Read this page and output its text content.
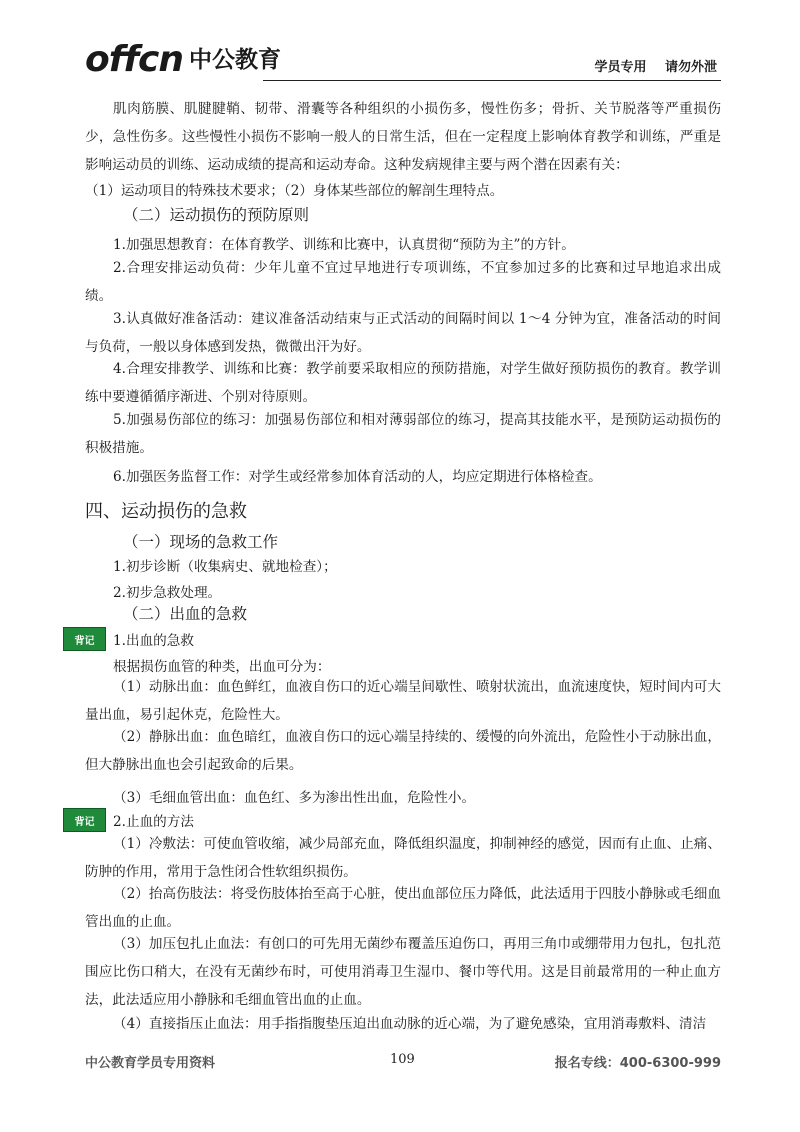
offcn 中公教育	学员专用 请勿外泄
肌肉筋膜、肌腱腱鞘、韧带、滑囊等各种组织的小损伤多，慢性伤多；骨折、关节脱落等严重损伤少，急性伤多。这些慢性小损伤不影响一般人的日常生活，但在一定程度上影响体育教学和训练，严重是影响运动员的训练、运动成绩的提高和运动寿命。这种发病规律主要与两个潜在因素有关：
（1）运动项目的特殊技术要求；（2）身体某些部位的解剖生理特点。
（二）运动损伤的预防原则
1.加强思想教育：在体育教学、训练和比赛中，认真贯彻“预防为主”的方针。
2.合理安排运动负荷：少年儿童不宜过早地进行专项训练，不宜参加过多的比赛和过早地追求出成绩。
3.认真做好准备活动：建议准备活动结束与正式活动的间隔时间以 1～4 分钟为宜，准备活动的时间与负荷，一般以身体感到发热，微微出汗为好。
4.合理安排教学、训练和比赛：教学前要采取相应的预防措施，对学生做好预防损伤的教育。教学训练中要遵循循序渐进、个别对待原则。
5.加强易伤部位的练习：加强易伤部位和相对薄弱部位的练习，提高其技能水平，是预防运动损伤的积极措施。
6.加强医务监督工作：对学生或经常参加体育活动的人，均应定期进行体格检查。
四、运动损伤的急救
（一）现场的急救工作
1.初步诊断（收集病史、就地检查）；
2.初步急救处理。
（二）出血的急救
1.出血的急救
根据损伤血管的种类，出血可分为：
（1）动脉出血：血色鲜红，血液自伤口的近心端呈间歇性、喷射状流出，血流速度快，短时间内可大量出血，易引起休克，危险性大。
（2）静脉出血：血色暗红，血液自伤口的远心端呈持续的、缓慢的向外流出，危险性小于动脉出血，但大静脉出血也会引起致命的后果。
（3）毛细血管出血：血色红、多为渗出性出血，危险性小。
2.止血的方法
（1）冷敷法：可使血管收缩，减少局部充血，降低组织温度，抑制神经的感觉，因而有止血、止痛、防肿的作用，常用于急性闭合性软组织损伤。
（2）抬高伤肢法：将受伤肢体抬至高于心脏，使出血部位压力降低，此法适用于四肢小静脉或毛细血管出血的止血。
（3）加压包扎止血法：有创口的可先用无菌纱布覆盖压迫伤口，再用三角巾或绷带用力包扎，包扎范围应比伤口稍大，在没有无菌纱布时，可使用消毒卫生湿巾、餐巾等代用。这是目前最常用的一种止血方法，此法适应用小静脉和毛细血管出血的止血。
（4）直接指压止血法：用手指指腹垫压迫出血动脉的近心端，为了避免感染，宜用消毒敷料、清洁
背记
背记
中公教育学员专用资料	109	报名专线：400-6300-999
